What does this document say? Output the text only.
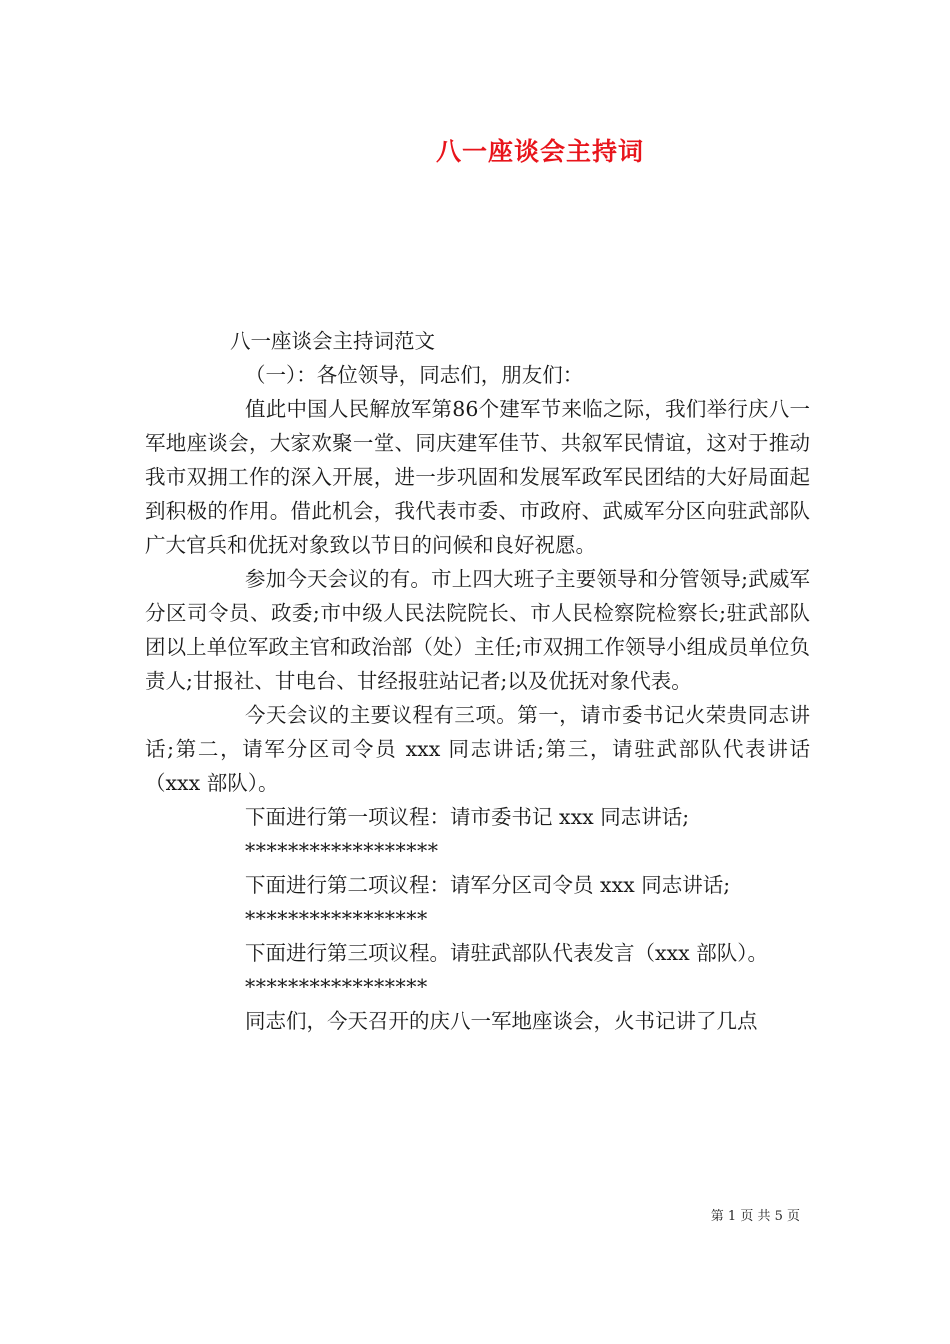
八一座谈会主持词

八一座谈会主持词范文

（一）：各位领导，同志们，朋友们：

值此中国人民解放军第86个建军节来临之际，我们举行庆八一军地座谈会，大家欢聚一堂、同庆建军佳节、共叙军民情谊，这对于推动我市双拥工作的深入开展，进一步巩固和发展军政军民团结的大好局面起到积极的作用。借此机会，我代表市委、市政府、武威军分区向驻武部队广大官兵和优抚对象致以节日的问候和良好祝愿。

参加今天会议的有。市上四大班子主要领导和分管领导;武威军分区司令员、政委;市中级人民法院院长、市人民检察院检察长;驻武部队团以上单位军政主官和政治部（处）主任;市双拥工作领导小组成员单位负责人;甘报社、甘电台、甘经报驻站记者;以及优抚对象代表。

今天会议的主要议程有三项。第一，请市委书记火荣贵同志讲话;第二，请军分区司令员 xxx 同志讲话;第三，请驻武部队代表讲话（xxx 部队）。

下面进行第一项议程：请市委书记 xxx 同志讲话;

******************

下面进行第二项议程：请军分区司令员 xxx 同志讲话;

*****************

下面进行第三项议程。请驻武部队代表发言（xxx 部队）。

*****************

同志们，今天召开的庆八一军地座谈会，火书记讲了几点

第 1 页 共 5 页
